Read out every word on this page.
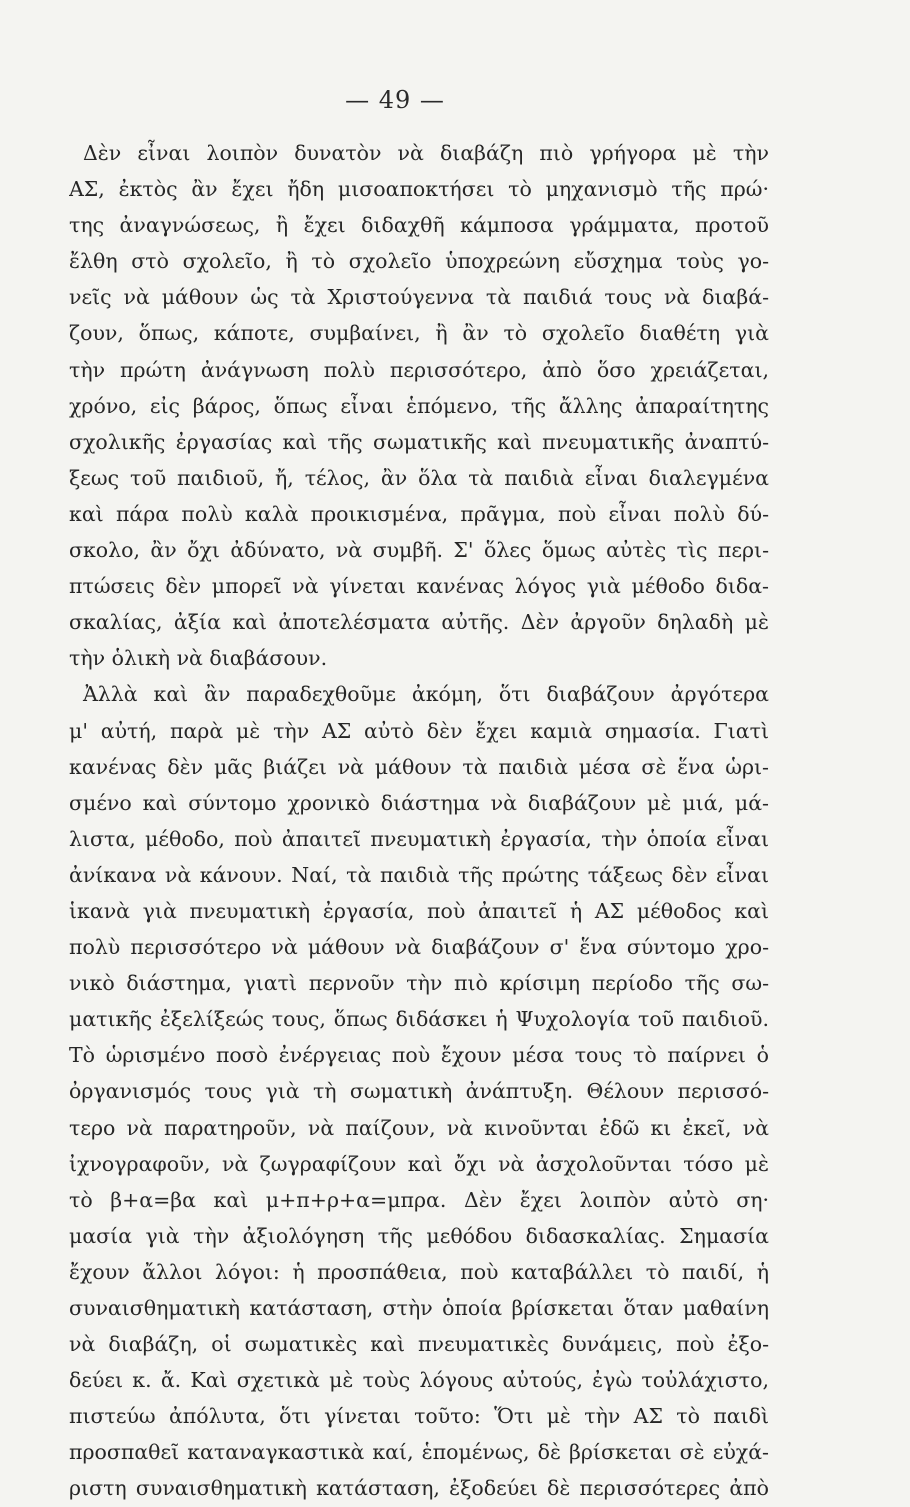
— 49 —
Δὲν εἶναι λοιπὸν δυνατὸν νὰ διαβάζη πιὸ γρήγορα μὲ τὴν
ΑΣ, ἐκτὸς ἂν ἔχει ἤδη μισοαποκτήσει τὸ μηχανισμὸ τῆς πρώ·
της ἀναγνώσεως, ἢ ἔχει διδαχθῆ κάμποσα γράμματα, προτοῦ
ἔλθη στὸ σχολεῖο, ἢ τὸ σχολεῖο ὑποχρεώνη εὔσχημα τοὺς γο-
νεῖς νὰ μάθουν ὡς τὰ Χριστούγεννα τὰ παιδιά τους νὰ διαβά-
ζουν, ὅπως, κάποτε, συμβαίνει, ἢ ἂν τὸ σχολεῖο διαθέτη γιὰ
τὴν πρώτη ἀνάγνωση πολὺ περισσότερο, ἀπὸ ὅσο χρειάζεται,
χρόνο, εἰς βάρος, ὅπως εἶναι ἑπόμενο, τῆς ἄλλης ἀπαραίτητης
σχολικῆς ἐργασίας καὶ τῆς σωματικῆς καὶ πνευματικῆς ἀναπτύ-
ξεως τοῦ παιδιοῦ, ἤ, τέλος, ἂν ὅλα τὰ παιδιὰ εἶναι διαλεγμένα
καὶ πάρα πολὺ καλὰ προικισμένα, πρᾶγμα, ποὺ εἶναι πολὺ δύ-
σκολο, ἂν ὄχι ἀδύνατο, νὰ συμβῆ. Σ' ὅλες ὅμως αὐτὲς τὶς περι-
πτώσεις δὲν μπορεῖ νὰ γίνεται κανένας λόγος γιὰ μέθοδο διδα-
σκαλίας, ἀξία καὶ ἀποτελέσματα αὐτῆς. Δὲν ἀργοῦν δηλαδὴ μὲ
τὴν ὁλικὴ νὰ διαβάσουν.
Ἀλλὰ καὶ ἂν παραδεχθοῦμε ἀκόμη, ὅτι διαβάζουν ἀργότερα
μ' αὐτή, παρὰ μὲ τὴν ΑΣ αὐτὸ δὲν ἔχει καμιὰ σημασία. Γιατὶ
κανένας δὲν μᾶς βιάζει νὰ μάθουν τὰ παιδιὰ μέσα σὲ ἕνα ὡρι-
σμένο καὶ σύντομο χρονικὸ διάστημα νὰ διαβάζουν μὲ μιά, μά-
λιστα, μέθοδο, ποὺ ἀπαιτεῖ πνευματικὴ ἐργασία, τὴν ὁποία εἶναι
ἀνίκανα νὰ κάνουν. Ναί, τὰ παιδιὰ τῆς πρώτης τάξεως δὲν εἶναι
ἱκανὰ γιὰ πνευματικὴ ἐργασία, ποὺ ἀπαιτεῖ ἡ ΑΣ μέθοδος καὶ
πολὺ περισσότερο νὰ μάθουν νὰ διαβάζουν σ' ἕνα σύντομο χρο-
νικὸ διάστημα, γιατὶ περνοῦν τὴν πιὸ κρίσιμη περίοδο τῆς σω-
ματικῆς ἐξελίξεώς τους, ὅπως διδάσκει ἡ Ψυχολογία τοῦ παιδιοῦ.
Τὸ ὡρισμένο ποσὸ ἐνέργειας ποὺ ἔχουν μέσα τους τὸ παίρνει ὁ
ὀργανισμός τους γιὰ τὴ σωματικὴ ἀνάπτυξη. Θέλουν περισσό-
τερο νὰ παρατηροῦν, νὰ παίζουν, νὰ κινοῦνται ἐδῶ κι ἐκεῖ, νὰ
ἰχνογραφοῦν, νὰ ζωγραφίζουν καὶ ὄχι νὰ ἀσχολοῦνται τόσο μὲ
τὸ β+α=βα καὶ μ+π+ρ+α=μπρα. Δὲν ἔχει λοιπὸν αὐτὸ ση·
μασία γιὰ τὴν ἀξιολόγηση τῆς μεθόδου διδασκαλίας. Σημασία
ἔχουν ἄλλοι λόγοι: ἡ προσπάθεια, ποὺ καταβάλλει τὸ παιδί, ἡ
συναισθηματικὴ κατάσταση, στὴν ὁποία βρίσκεται ὅταν μαθαίνη
νὰ διαβάζη, οἱ σωματικὲς καὶ πνευματικὲς δυνάμεις, ποὺ ἐξο-
δεύει κ. ἄ. Καὶ σχετικὰ μὲ τοὺς λόγους αὐτούς, ἐγὼ τοὐλάχιστο,
πιστεύω ἀπόλυτα, ὅτι γίνεται τοῦτο: Ὅτι μὲ τὴν ΑΣ τὸ παιδὶ
προσπαθεῖ καταναγκαστικὰ καί, ἑπομένως, δὲ βρίσκεται σὲ εὐχά-
ριστη συναισθηματικὴ κατάσταση, ἐξοδεύει δὲ περισσότερες ἀπὸ
